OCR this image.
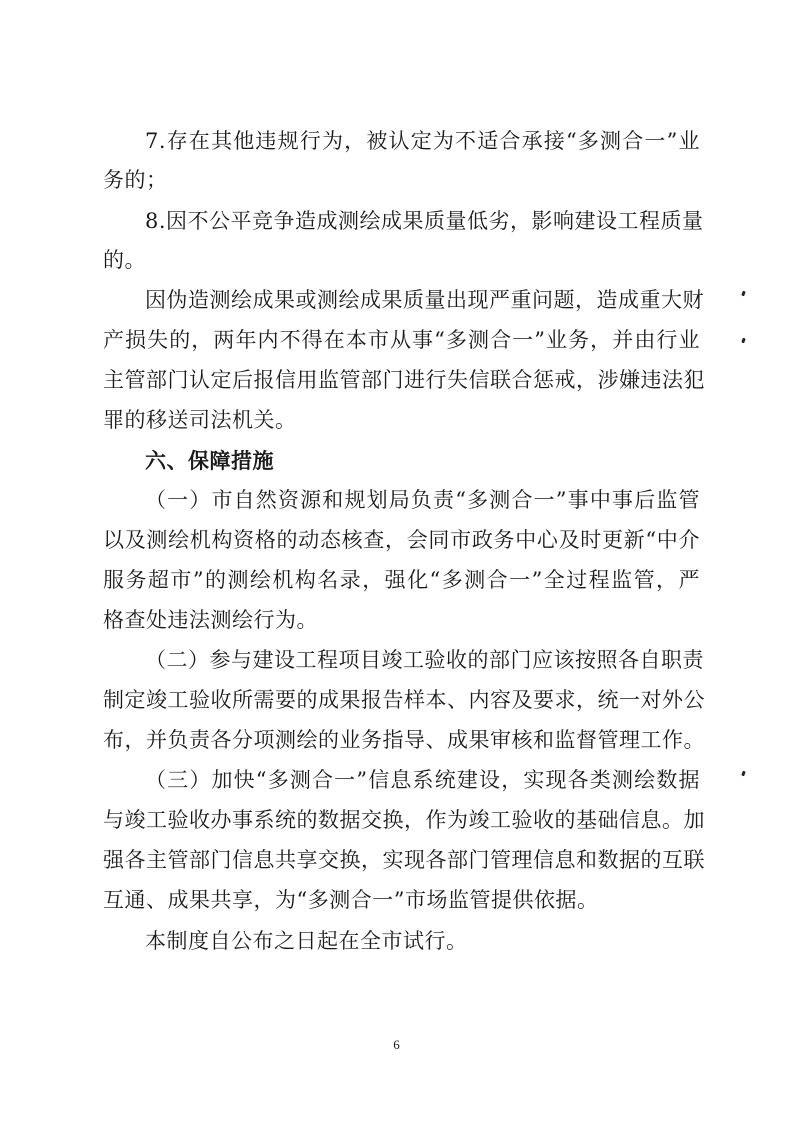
7.存在其他违规行为，被认定为不适合承接“多测合一”业
务的；
8.因不公平竞争造成测绘成果质量低劣，影响建设工程质量
的。
因伪造测绘成果或测绘成果质量出现严重问题，造成重大财
产损失的，两年内不得在本市从事“多测合一”业务，并由行业
主管部门认定后报信用监管部门进行失信联合惩戒，涉嫌违法犯
罪的移送司法机关。
六、保障措施
（一）市自然资源和规划局负责“多测合一”事中事后监管
以及测绘机构资格的动态核查，会同市政务中心及时更新“中介
服务超市”的测绘机构名录，强化“多测合一”全过程监管，严
格查处违法测绘行为。
（二）参与建设工程项目竣工验收的部门应该按照各自职责
制定竣工验收所需要的成果报告样本、内容及要求，统一对外公
布，并负责各分项测绘的业务指导、成果审核和监督管理工作。
（三）加快“多测合一”信息系统建设，实现各类测绘数据
与竣工验收办事系统的数据交换，作为竣工验收的基础信息。加
强各主管部门信息共享交换，实现各部门管理信息和数据的互联
互通、成果共享，为“多测合一”市场监管提供依据。
本制度自公布之日起在全市试行。
6
